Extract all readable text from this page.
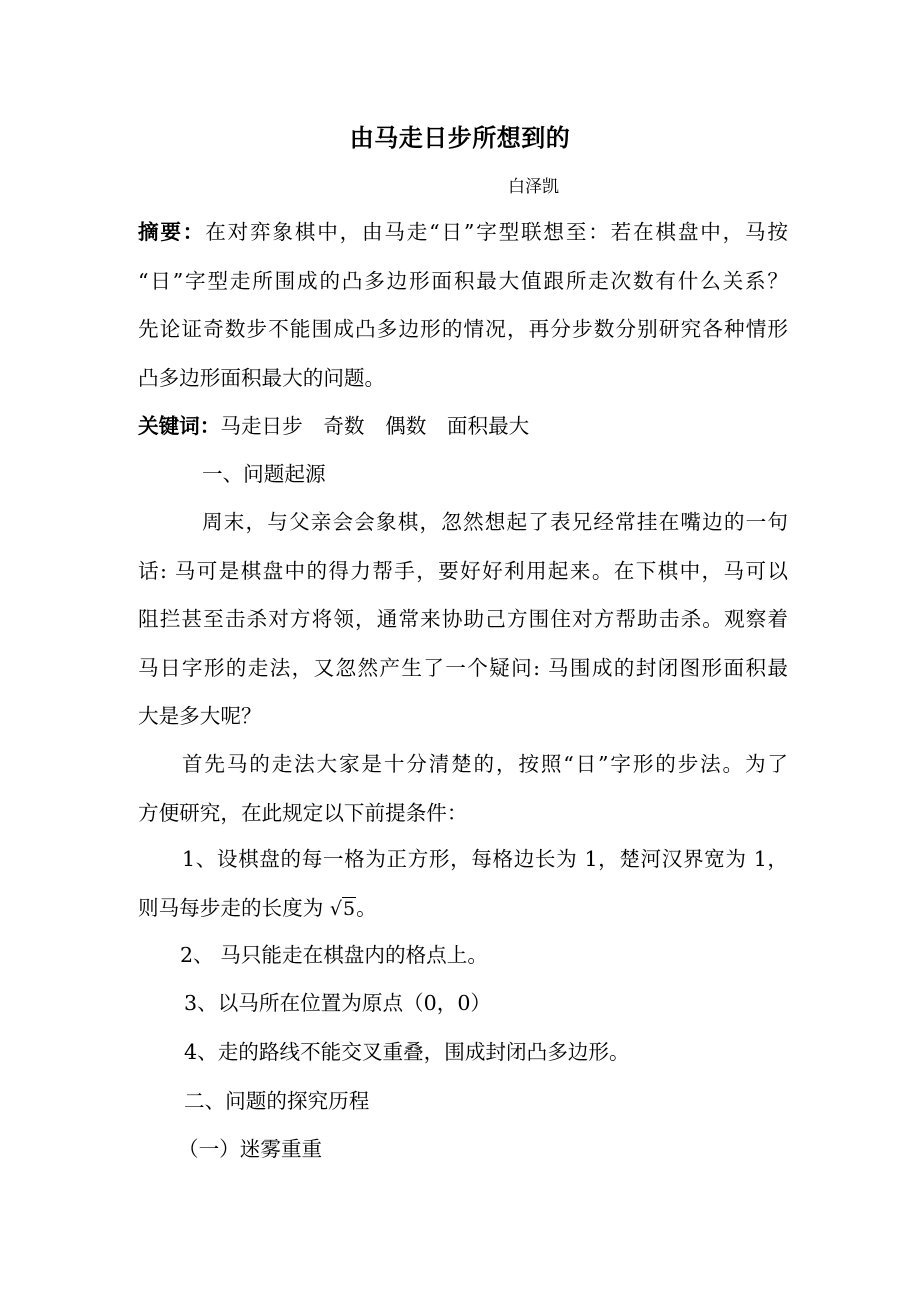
由马走日步所想到的
白泽凯
摘要：在对弈象棋中，由马走“日”字型联想至：若在棋盘中，马按
“日”字型走所围成的凸多边形面积最大值跟所走次数有什么关系？
先论证奇数步不能围成凸多边形的情况，再分步数分别研究各种情形
凸多边形面积最大的问题。
关键词：马走日步　奇数　偶数　面积最大
一、问题起源
周末，与父亲会会象棋，忽然想起了表兄经常挂在嘴边的一句
话: 马可是棋盘中的得力帮手，要好好利用起来。在下棋中，马可以
阻拦甚至击杀对方将领，通常来协助己方围住对方帮助击杀。观察着
马日字形的走法，又忽然产生了一个疑问: 马围成的封闭图形面积最
大是多大呢？
首先马的走法大家是十分清楚的，按照“日”字形的步法。为了
方便研究，在此规定以下前提条件：
1、设棋盘的每一格为正方形，每格边长为 1，楚河汉界宽为 1，
则马每步走的长度为 √5。
2、 马只能走在棋盘内的格点上。
3、以马所在位置为原点（0，0）
4、走的路线不能交叉重叠，围成封闭凸多边形。
二、问题的探究历程
（一）迷雾重重
